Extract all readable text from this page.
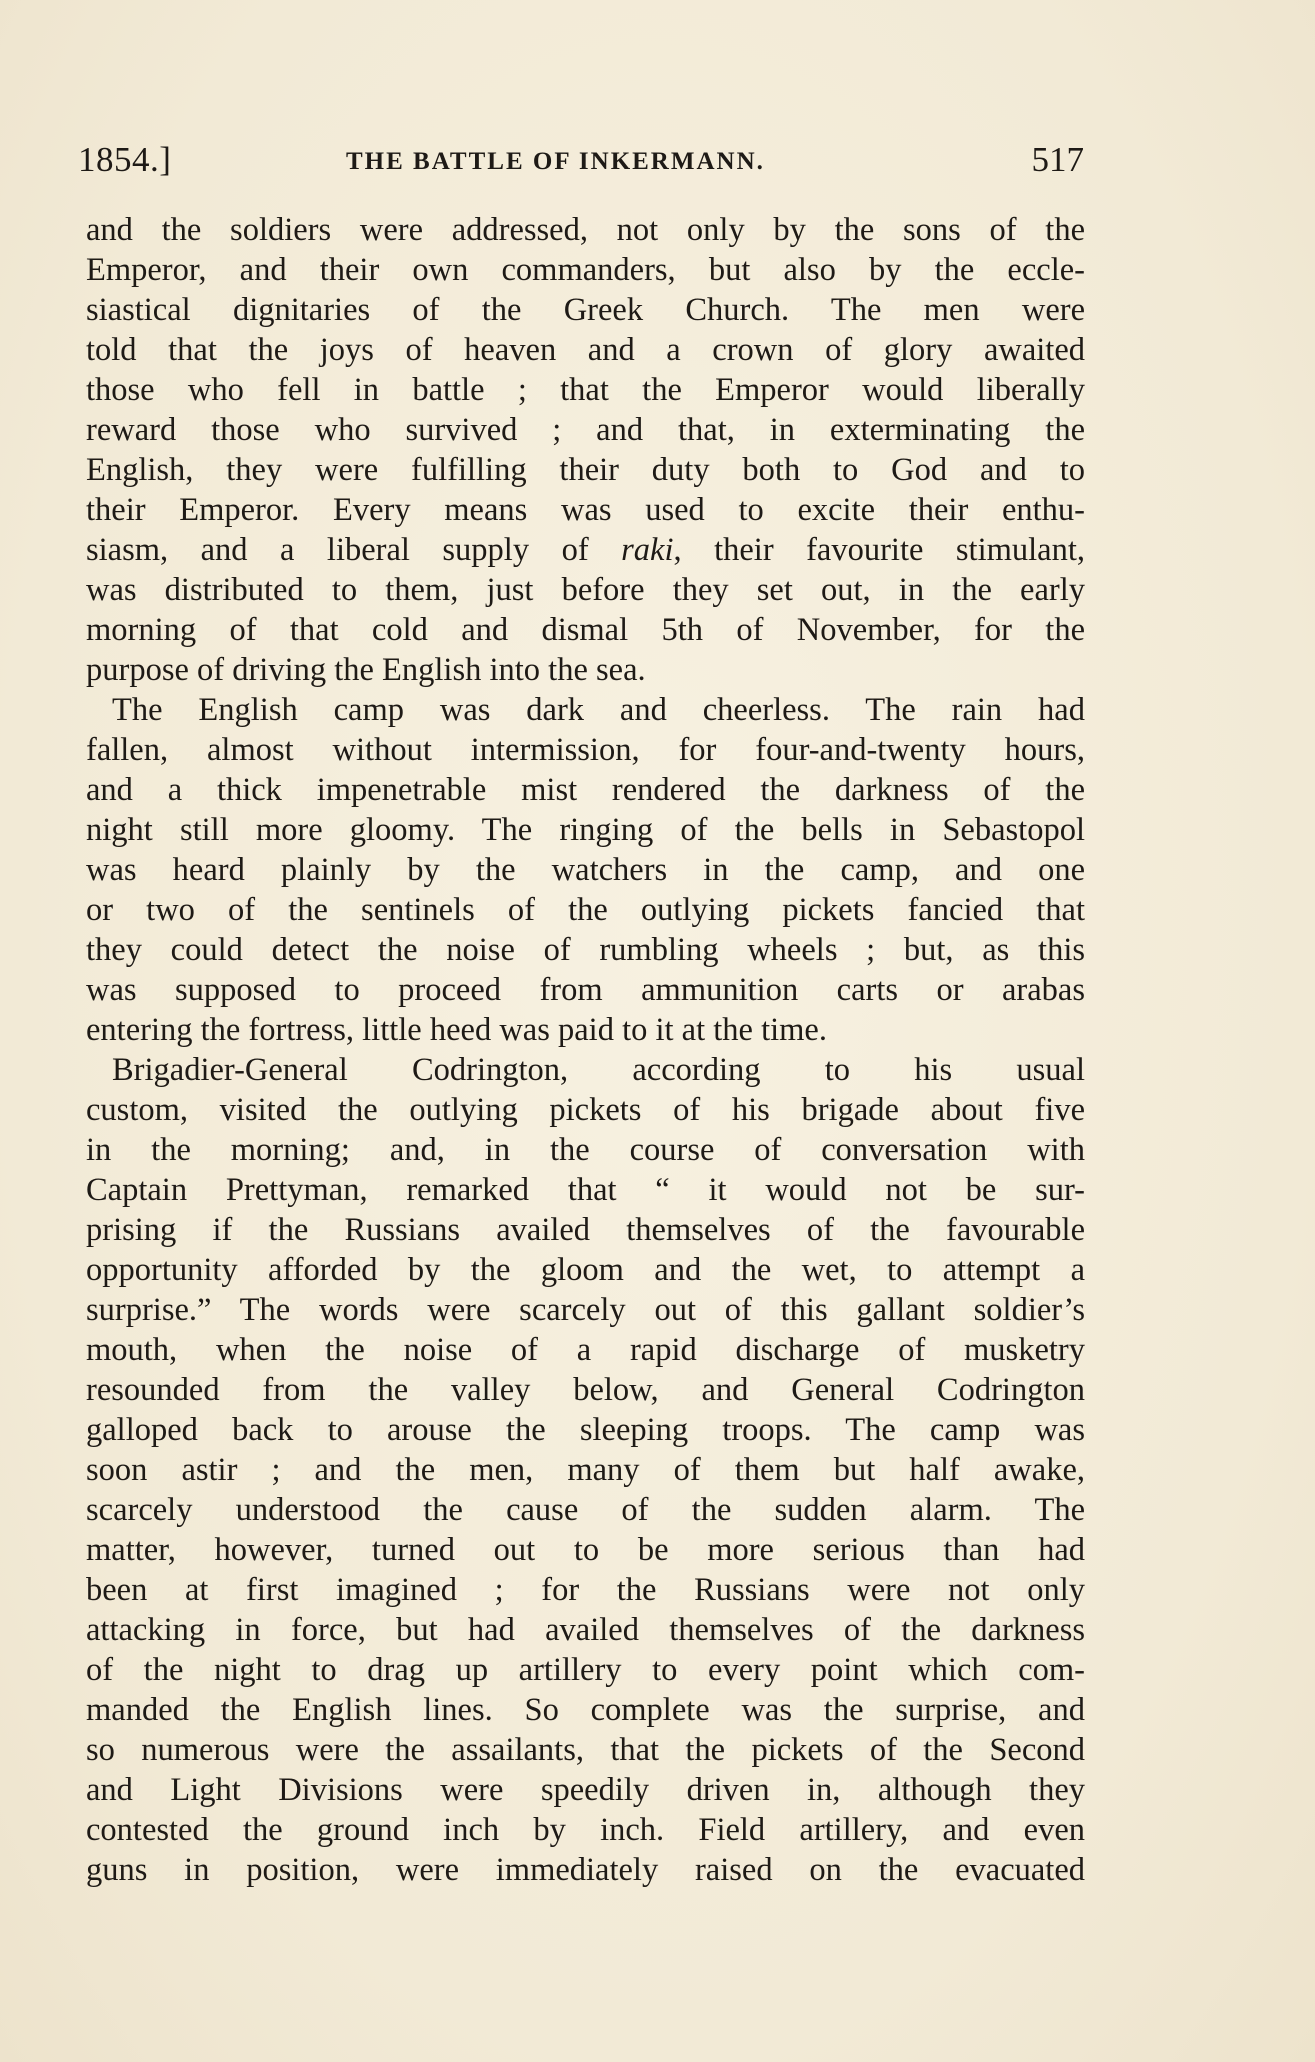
1854.]	THE BATTLE OF INKERMANN.	517
and the soldiers were addressed, not only by the sons of the
Emperor, and their own commanders, but also by the eccle-
siastical dignitaries of the Greek Church. The men were
told that the joys of heaven and a crown of glory awaited
those who fell in battle ; that the Emperor would liberally
reward those who survived ; and that, in exterminating the
English, they were fulfilling their duty both to God and to
their Emperor. Every means was used to excite their enthu-
siasm, and a liberal supply of raki, their favourite stimulant,
was distributed to them, just before they set out, in the early
morning of that cold and dismal 5th of November, for the
purpose of driving the English into the sea.
The English camp was dark and cheerless. The rain had
fallen, almost without intermission, for four-and-twenty hours,
and a thick impenetrable mist rendered the darkness of the
night still more gloomy. The ringing of the bells in Sebastopol
was heard plainly by the watchers in the camp, and one
or two of the sentinels of the outlying pickets fancied that
they could detect the noise of rumbling wheels ; but, as this
was supposed to proceed from ammunition carts or arabas
entering the fortress, little heed was paid to it at the time.
Brigadier-General Codrington, according to his usual
custom, visited the outlying pickets of his brigade about five
in the morning; and, in the course of conversation with
Captain Prettyman, remarked that “ it would not be sur-
prising if the Russians availed themselves of the favourable
opportunity afforded by the gloom and the wet, to attempt a
surprise.” The words were scarcely out of this gallant soldier’s
mouth, when the noise of a rapid discharge of musketry
resounded from the valley below, and General Codrington
galloped back to arouse the sleeping troops. The camp was
soon astir ; and the men, many of them but half awake,
scarcely understood the cause of the sudden alarm. The
matter, however, turned out to be more serious than had
been at first imagined ; for the Russians were not only
attacking in force, but had availed themselves of the darkness
of the night to drag up artillery to every point which com-
manded the English lines. So complete was the surprise, and
so numerous were the assailants, that the pickets of the Second
and Light Divisions were speedily driven in, although they
contested the ground inch by inch. Field artillery, and even
guns in position, were immediately raised on the evacuated
